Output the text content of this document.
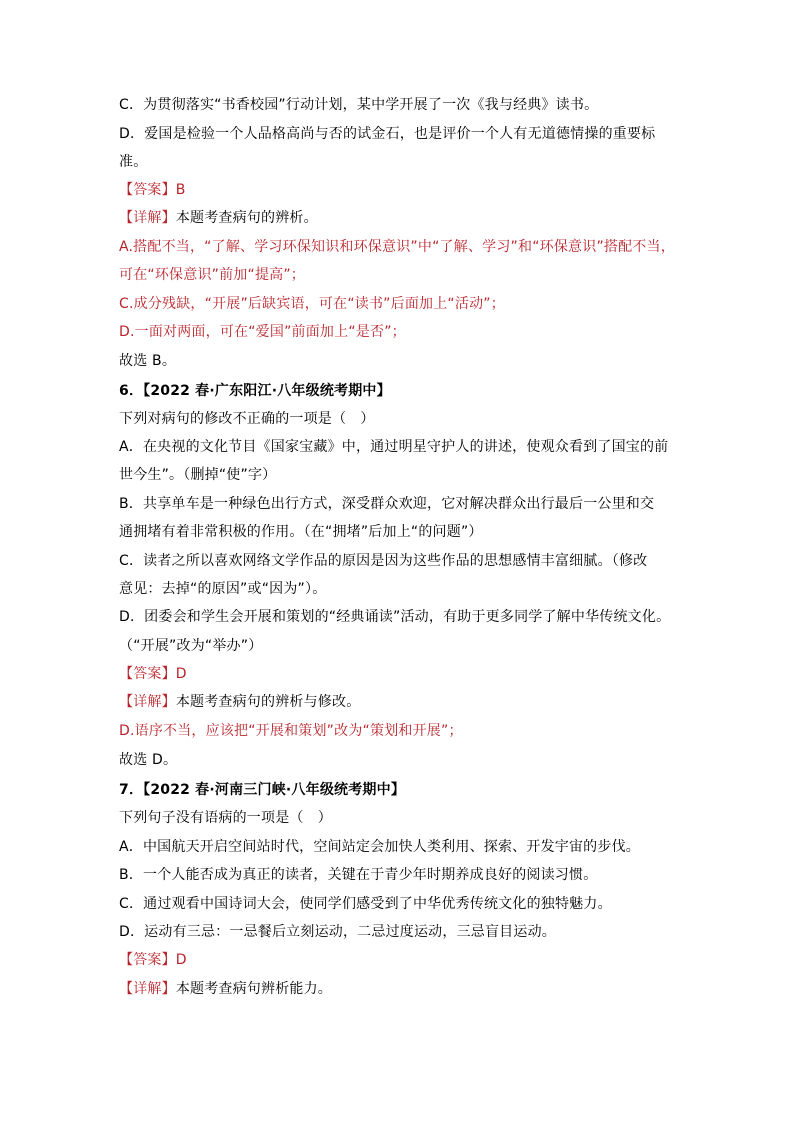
C．为贯彻落实“书香校园”行动计划，某中学开展了一次《我与经典》读书。
D．爱国是检验一个人品格高尚与否的试金石，也是评价一个人有无道德情操的重要标
准。
【答案】B
【详解】本题考查病句的辨析。
A.搭配不当，“了解、学习环保知识和环保意识”中“了解、学习”和“环保意识”搭配不当，
可在“环保意识”前加“提高”；
C.成分残缺，“开展”后缺宾语，可在“读书”后面加上“活动”；
D.一面对两面，可在“爱国”前面加上“是否”；
故选 B。
6．【2022 春·广东阳江·八年级统考期中】
下列对病句的修改不正确的一项是（　）
A．在央视的文化节目《国家宝藏》中，通过明星守护人的讲述，使观众看到了国宝的前
世今生”。（删掉“使”字）
B．共享单车是一种绿色出行方式，深受群众欢迎，它对解决群众出行最后一公里和交
通拥堵有着非常积极的作用。（在“拥堵”后加上“的问题”）
C．读者之所以喜欢网络文学作品的原因是因为这些作品的思想感情丰富细腻。（修改
意见：去掉“的原因”或“因为”）。
D．团委会和学生会开展和策划的“经典诵读”活动，有助于更多同学了解中华传统文化。
（“开展”改为“举办”）
【答案】D
【详解】本题考查病句的辨析与修改。
D.语序不当，应该把“开展和策划”改为“策划和开展”；
故选 D。
7．【2022 春·河南三门峡·八年级统考期中】
下列句子没有语病的一项是（　）
A．中国航天开启空间站时代，空间站定会加快人类利用、探索、开发宇宙的步伐。
B．一个人能否成为真正的读者，关键在于青少年时期养成良好的阅读习惯。
C．通过观看中国诗词大会，使同学们感受到了中华优秀传统文化的独特魅力。
D．运动有三忌：一忌餐后立刻运动，二忌过度运动，三忌盲目运动。
【答案】D
【详解】本题考查病句辨析能力。
